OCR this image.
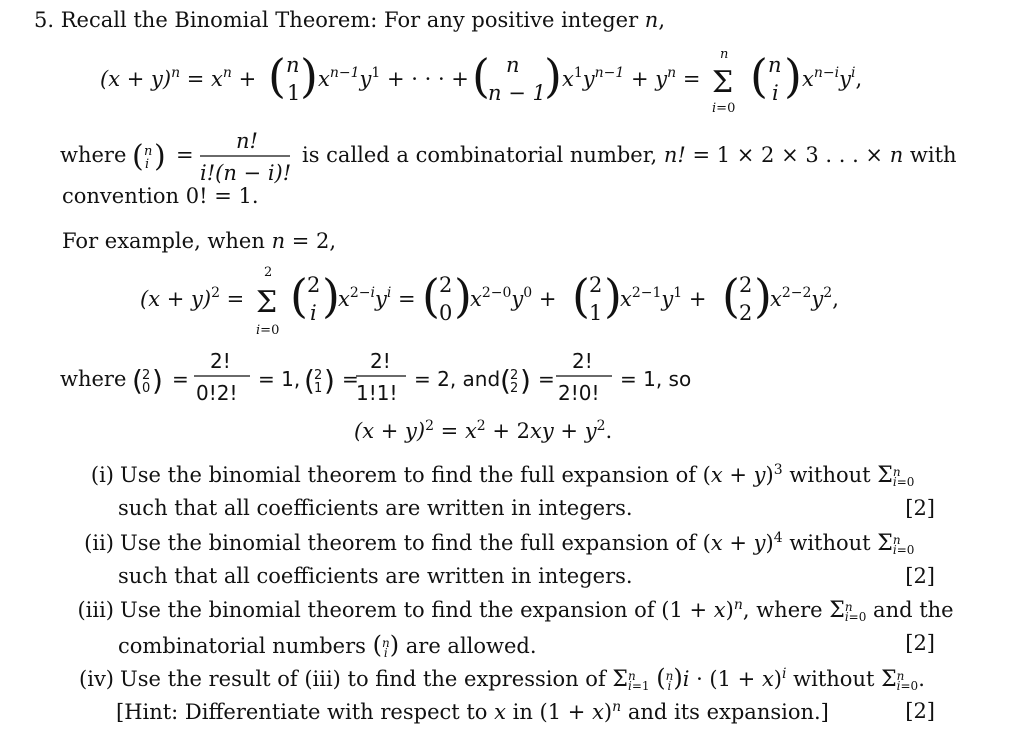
5. Recall the Binomial Theorem: For any positive integer n,
$(x + y)^n = x^n$ + ( n
1 ) $x^{n-1}y^1$ + · · · + ( n
n − 1
) $x^1y^{n-1} + y^n$ =
n
Σ
i=0
( n
i ) $x^{n-i}y^i$,
where ( n
i ) =
n!
i!(n − i)!
is called a combinatorial number, n! = 1 × 2 × 3 . . . × n with
convention 0! = 1.
For example, when n = 2,
$(x + y)^2$ =
2
Σ
i=0
( 2
i )
$x^{2-i}y^i$ = ( 2
0 )
$x^{2-0}y^0$ + ( 2
1 )
$x^{2-1}y^1$ + ( 2
2 )
$x^{2-2}y^2$,
where ( 2
0 ) =
2!
0!2!
= 1, ( 2
1 ) =
2!
1!1!
= 2, and ( 2
2 ) =
2!
2!0!
= 1, so
$(x + y)^2 = x^2 + 2xy + y^2$.
(i) Use the binomial theorem to find the full expansion of $(x + y)^3$ without Σn
i=0
such that all coefficients are written in integers.	[2]
(ii) Use the binomial theorem to find the full expansion of $(x + y)^4$ without Σn
i=0
such that all coefficients are written in integers.	[2]
(iii) Use the binomial theorem to find the expansion of $(1 + x)^n$, where Σn
i=0 and the
combinatorial numbers (n
i) are allowed.	[2]
(iv) Use the result of (iii) to find the expression of Σn
i=1 (n
$i)i \cdot (1 + x)^i$ without Σn
i=0.
[Hint: Differentiate with respect to x in $(1 + x)^n$ and its expansion.]	[2]
